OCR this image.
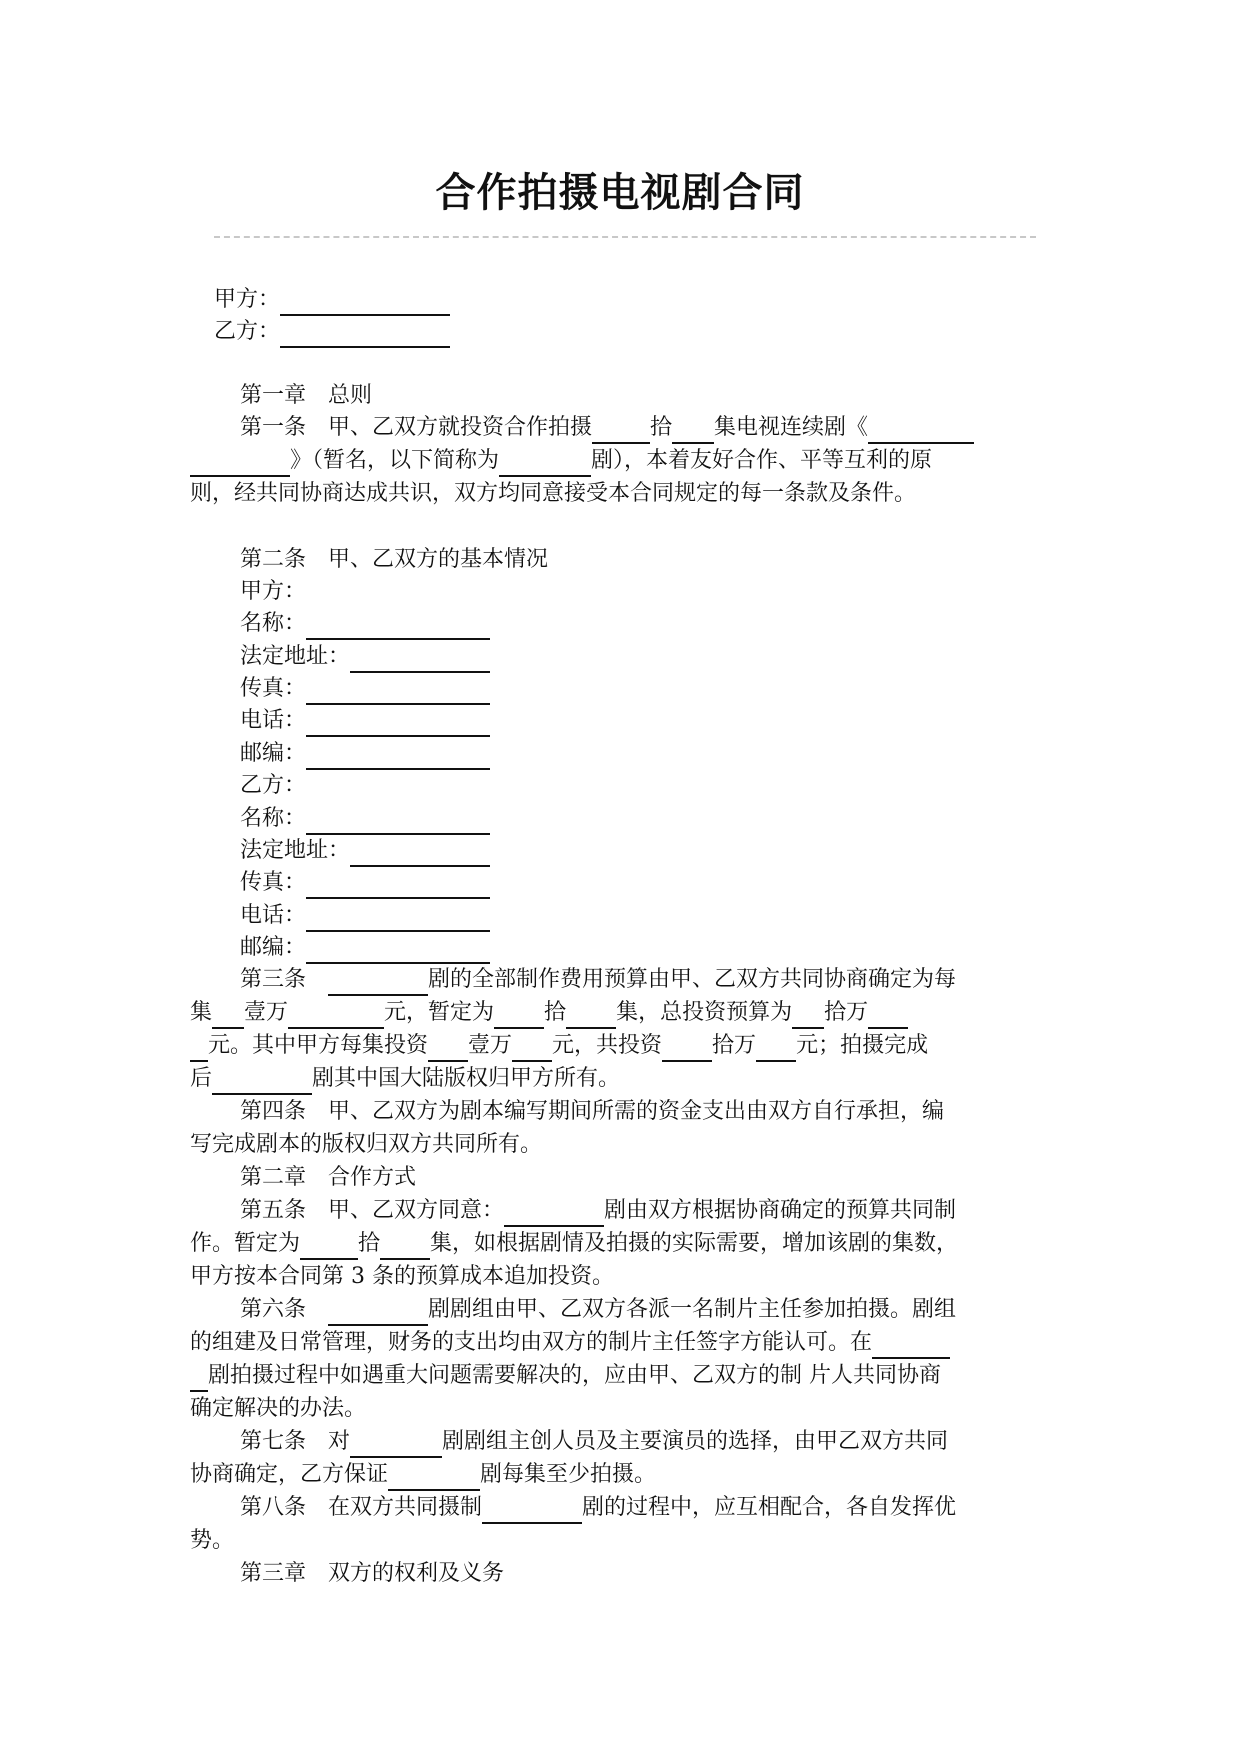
合作拍摄电视剧合同
甲方：
乙方：
第一章 总则
第一条 甲、乙双方就投资合作拍摄	拾 集电视连续剧《
》（暂名，以下简称为	剧），本着友好合作、平等互利的原
则，经共同协商达成共识，双方均同意接受本合同规定的每一条款及条件。
第二条 甲、乙双方的基本情况
甲方：
名称：
法定地址：
传真：
电话：
邮编：
乙方：
名称：
法定地址：
传真：
电话：
邮编：
第三条	剧的全部制作费用预算由甲、乙双方共同协商确定为每
集 壹万	元，暂定为 拾 集，总投资预算为 拾万
元。其中甲方每集投资 壹万 元，共投资 拾万 元；拍摄完成
后	剧其中国大陆版权归甲方所有。
第四条 甲、乙双方为剧本编写期间所需的资金支出由双方自行承担，编
写完成剧本的版权归双方共同所有。
第二章 合作方式
第五条 甲、乙双方同意：	剧由双方根据协商确定的预算共同制
作。暂定为	拾 集，如根据剧情及拍摄的实际需要，增加该剧的集数，
甲方按本合同第 3 条的预算成本追加投资。
第六条	剧剧组由甲、乙双方各派一名制片主任参加拍摄。剧组
的组建及日常管理，财务的支出均由双方的制片主任签字方能认可。在
剧拍摄过程中如遇重大问题需要解决的，应由甲、乙双方的制 片人共同协商
确定解决的办法。
第七条 对	剧剧组主创人员及主要演员的选择，由甲乙双方共同
协商确定，乙方保证	剧每集至少拍摄。
第八条 在双方共同摄制	剧的过程中，应互相配合，各自发挥优
势。
第三章 双方的权利及义务
